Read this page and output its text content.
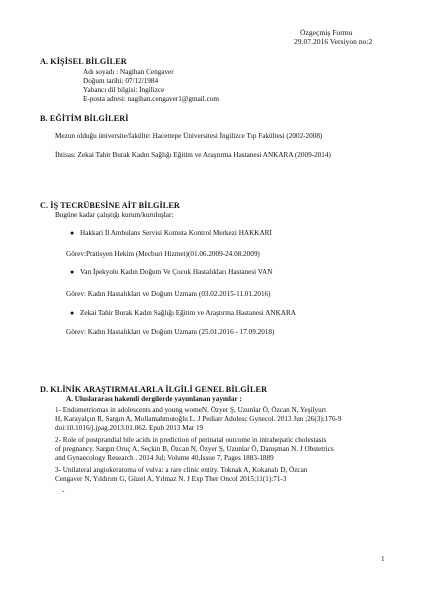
Özgeçmiş Formu
29.07.2016 Versiyon no:2
A. KİŞİSEL BİLGİLER
Adı soyadı : Nagihan Cengaver
Doğum tarihi: 07/12/1984
Yabancı dil bilgisi: İngilizce
E-posta adresi: nagihan.cengaver1@gmail.com
B. EĞİTİM BİLGİLERİ
Mezun olduğu üniversite/fakülte: Hacettepe Üniversitesi İngilizce Tıp Fakültesi (2002-2008)
İhtisas: Zekai Tahir Burak Kadın Sağlığı Eğitim ve Araştırma Hastanesi ANKARA (2009-2014)
C. İŞ TECRÜBESİNE AİT BİLGİLER
Bugüne kadar çalıştığı kurum/kuruluşlar:
● Hakkari İl Ambulans Servisi Komuta Kontrol Merkezi HAKKARİ
Görev:Pratisyen Hekim (Mecburi Hizmet)(01.06.2009-24.08.2009)
● Van İpekyolu Kadın Doğum Ve Çocuk Hastalıkları Hastanesi VAN
Görev: Kadın Hastalıkları ve Doğum Uzmanı (03.02.2015-11.01.2016)
● Zekai Tahir Burak Kadın Sağlığı Eğitim ve Araştırma Hastanesi ANKARA
Görev: Kadın Hastalıkları ve Doğum Uzmanı (25.01.2016 - 17.09.2018)
D. KLİNİK ARAŞTIRMALARLA İLGİLİ GENEL BİLGİLER
A. Uluslararası hakemli dergilerde yayımlanan yayınlar :
1- Endometriomas in adolescents and young womeN. Özyer Ş, Uzunlar Ö, Özcan N, Yeşilyurt
H, Karayalçın R, Sargın A, Mollamahmutoğlu L. J Pediatr Adolesc Gynecol. 2013 Jun ;26(3):176-9
doi:10.1016/j.jpag.2013.01.062. Epub 2013 Mar 19
2- Role of postprandial bile acids in prediction of perinatal outcome in intrahepatic cholestasis
of pregnancy. Sargın Oruç A, Seçkin B, Özcan N, Özyer Ş, Uzunlar Ö, Danışman N. J Obstetrics
and Gynaecology Research . 2014 Jul; Volume 40,Issue 7, Pages 1883-1889
3- Unilateral angiokeratoma of vulva: a rare clinic entity. Toknak A, Kokanalı D, Özcan
Cengaver N, Yıldırım G, Güzel A, Yılmaz N. J Exp Ther Oncol 2015;11(1):71-3
-
1
